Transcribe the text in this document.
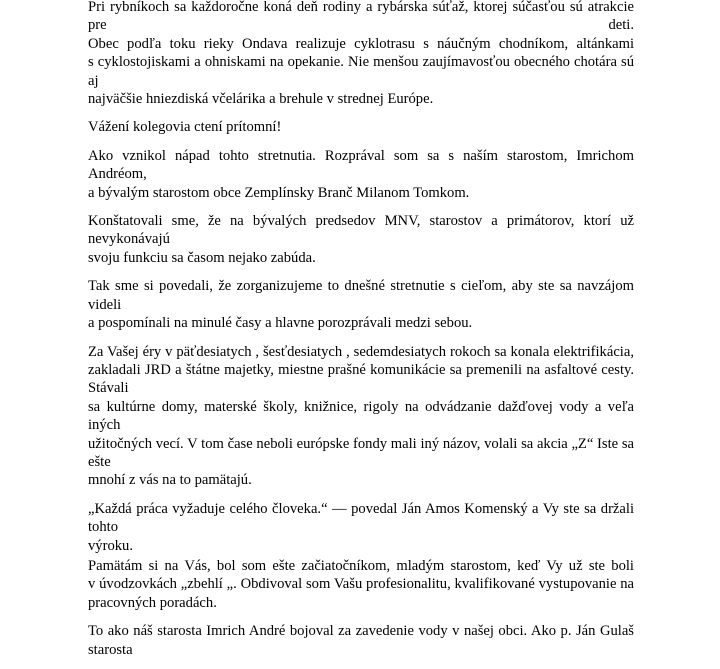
Pri rybníkoch sa každoročne koná deň rodiny a rybárska súťaž, ktorej súčasťou sú atrakcie pre deti.
Obec podľa toku rieky Ondava realizuje cyklotrasu s náučným chodníkom, altánkami
s cyklostojiskami a ohniskami na opekanie. Nie menšou zaujímavosťou obecného chotára sú aj
najväčšie hniezdiská včelárika a brehule v strednej Európe.

Vážení kolegovia ctení prítomní!

Ako vznikol nápad tohto stretnutia. Rozprával som sa s naším starostom, Imrichom Andréom,
a bývalým starostom obce Zemplínsky Branč Milanom Tomkom.

Konštatovali sme, že na bývalých predsedov MNV, starostov a primátorov, ktorí už nevykonávajú
svoju funkciu sa časom nejako zabúda.

Tak sme si povedali, že zorganizujeme to dnešné stretnutie s cieľom, aby ste sa navzájom videli
a pospomínali na minulé časy a hlavne porozprávali medzi sebou.

Za Vašej éry v päťdesiatych , šesťdesiatych , sedemdesiatych rokoch sa konala elektrifikácia,
zakladali JRD a štátne majetky, miestne prašné komunikácie sa premenili na asfaltové cesty. Stávali
sa kultúrne domy, materské školy, knižnice, rigoly na odvádzanie dažďovej vody a veľa iných
užitočných vecí. V tom čase neboli európske fondy mali iný názov, volali sa akcia „Z“ Iste sa ešte
mnohí z vás na to pamätajú.

„Každá práca vyžaduje celého človeka.“ — povedal Ján Amos Komenský a Vy ste sa držali tohto
výroku.

Pamätám si na Vás, bol som ešte začiatočníkom, mladým starostom, keď Vy už ste boli
v úvodzovkách „zbehlí „. Obdivoval som Vašu profesionalitu, kvalifikované vystupovanie na
pracovných poradách.

To ako náš starosta Imrich André bojoval za zavedenie vody v našej obci. Ako p. Ján Gulaš starosta
